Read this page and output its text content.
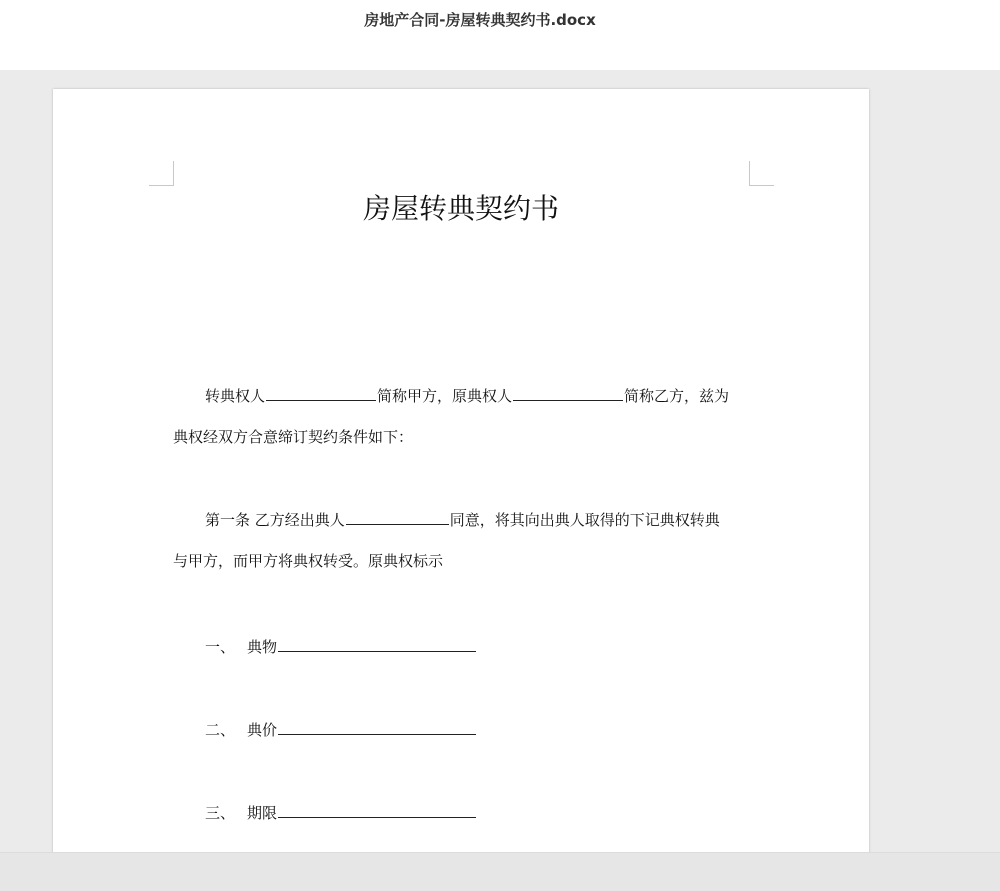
房地产合同-房屋转典契约书.docx
房屋转典契约书
转典权人	简称甲方，原典权人	简称乙方，兹为
典权经双方合意缔订契约条件如下：
第一条 乙方经出典人	同意，将其向出典人取得的下记典权转典
与甲方，而甲方将典权转受。原典权标示
一、 典物
二、 典价
三、 期限
